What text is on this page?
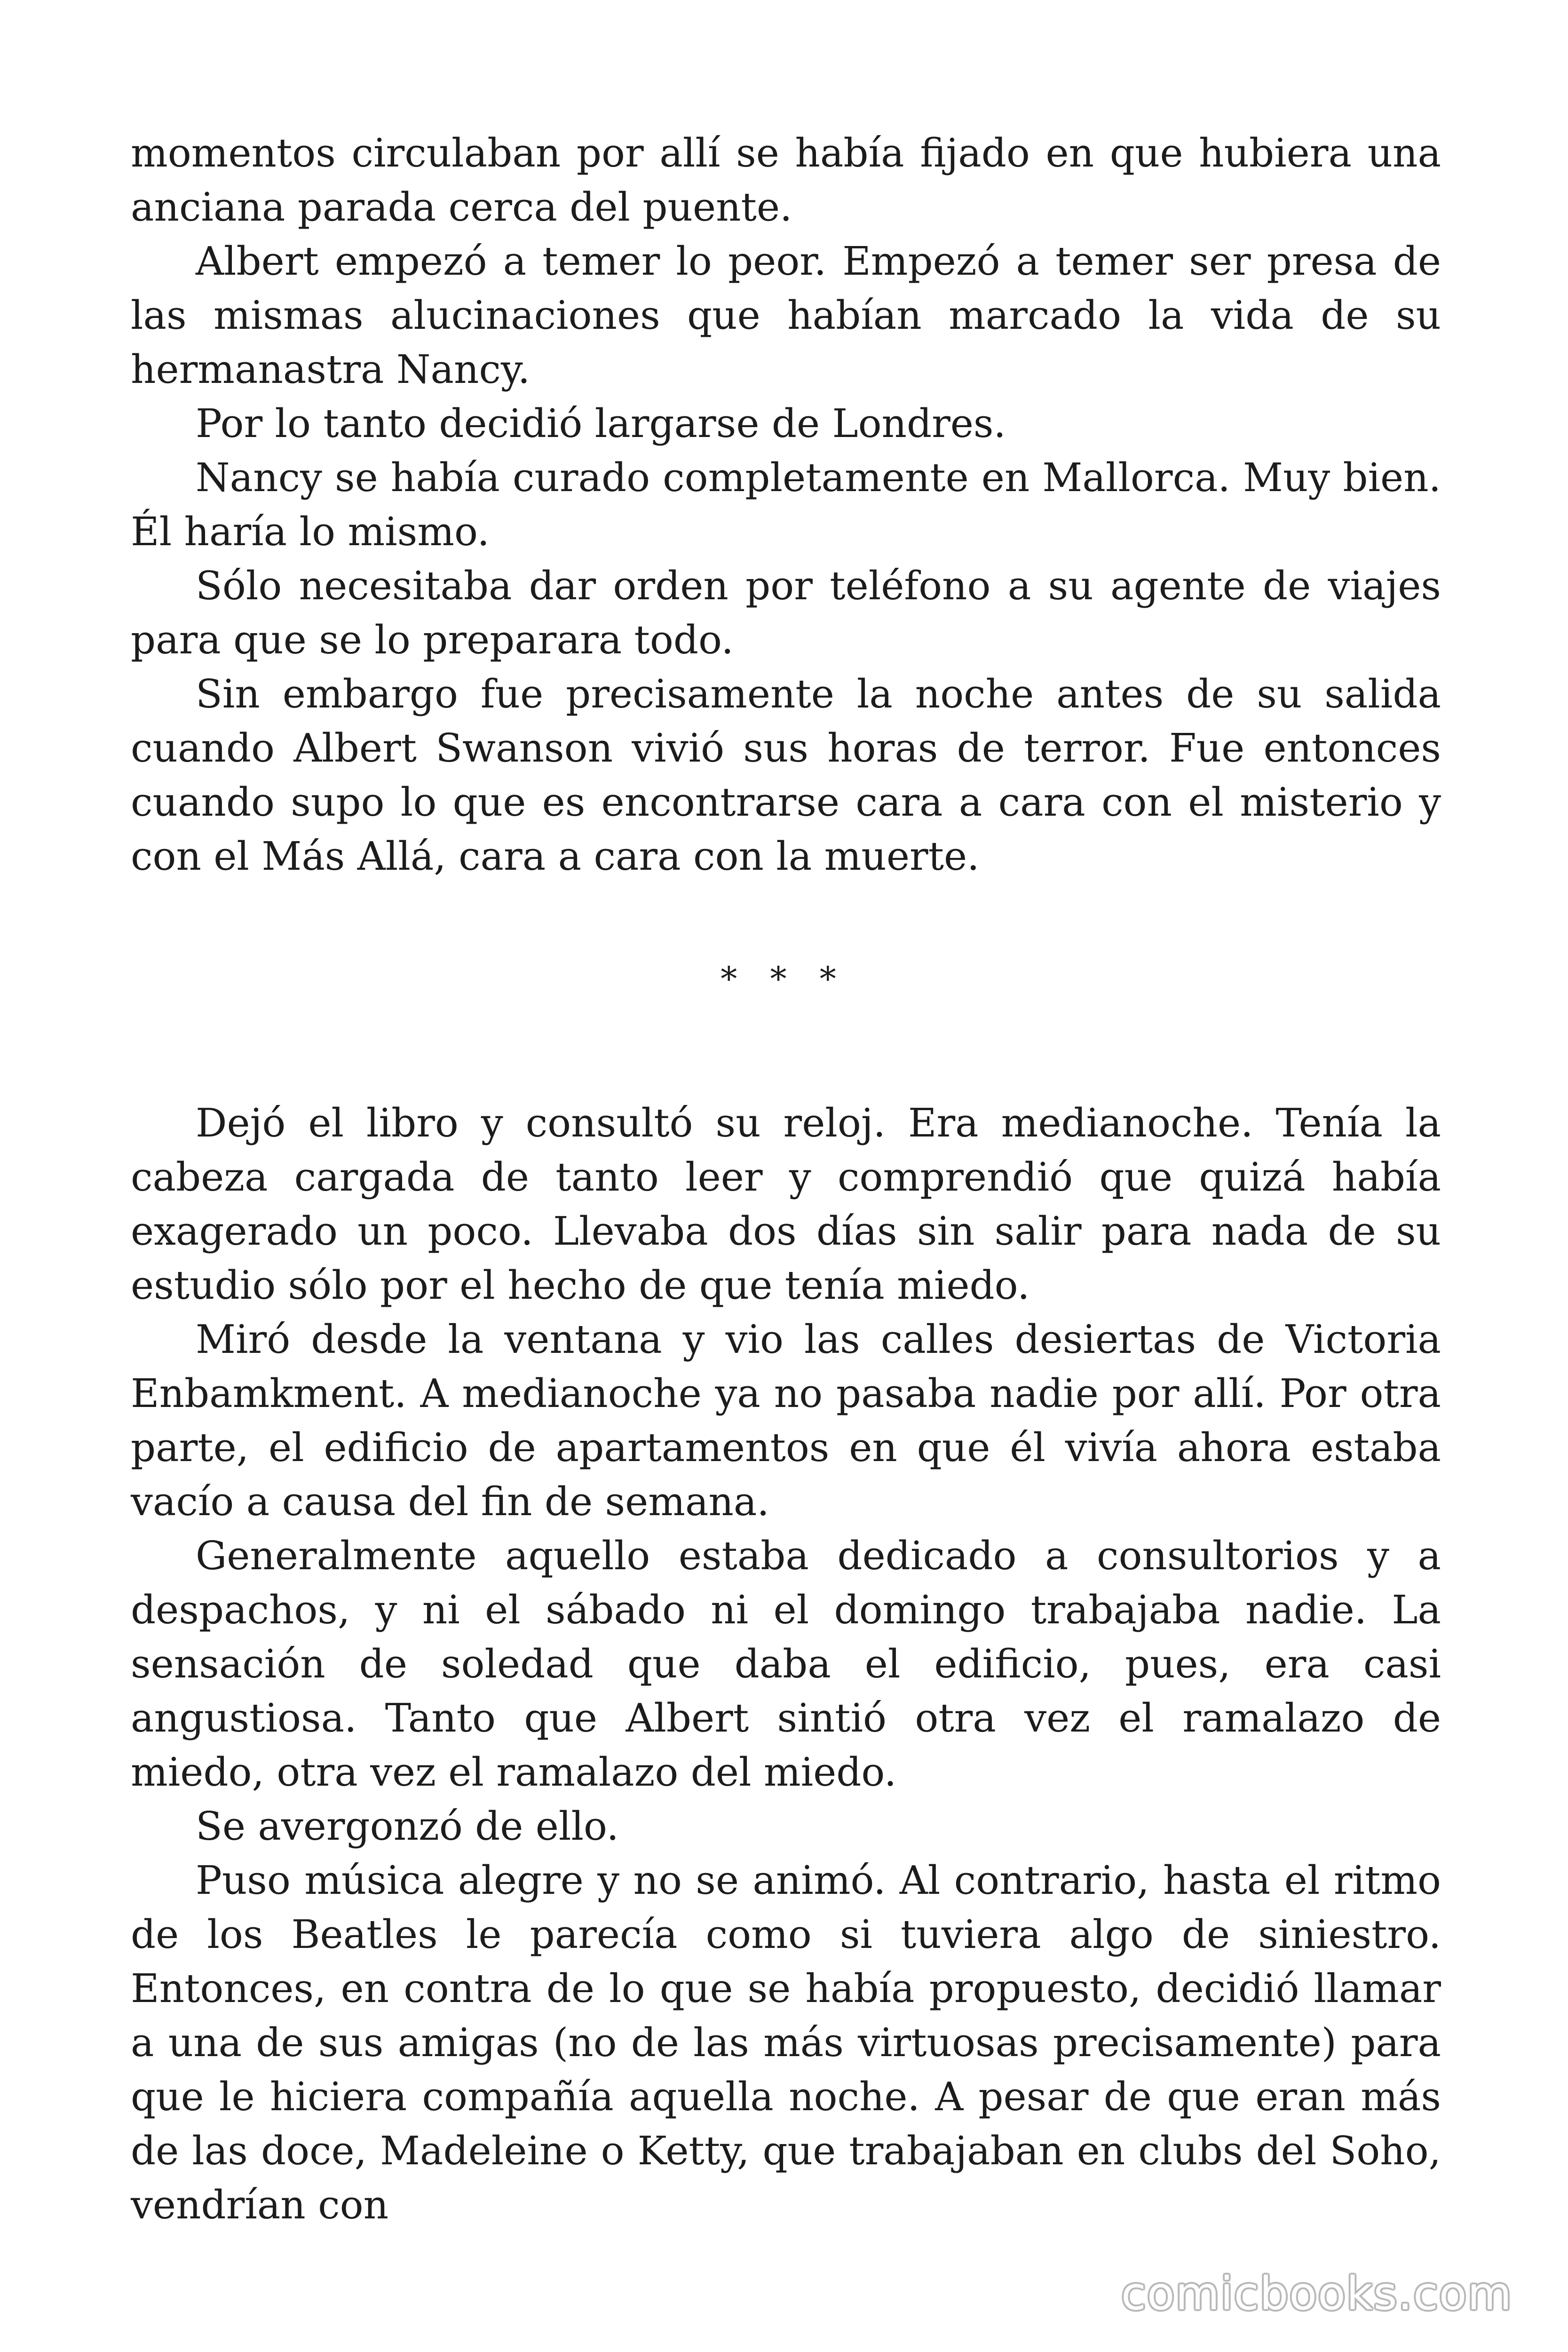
momentos circulaban por allí se había fijado en que hubiera una anciana parada cerca del puente.

Albert empezó a temer lo peor. Empezó a temer ser presa de las mismas alucinaciones que habían marcado la vida de su hermanastra Nancy.

Por lo tanto decidió largarse de Londres.

Nancy se había curado completamente en Mallorca. Muy bien. Él haría lo mismo.

Sólo necesitaba dar orden por teléfono a su agente de viajes para que se lo preparara todo.

Sin embargo fue precisamente la noche antes de su salida cuando Albert Swanson vivió sus horas de terror. Fue entonces cuando supo lo que es encontrarse cara a cara con el misterio y con el Más Allá, cara a cara con la muerte.

* * *

Dejó el libro y consultó su reloj. Era medianoche. Tenía la cabeza cargada de tanto leer y comprendió que quizá había exagerado un poco. Llevaba dos días sin salir para nada de su estudio sólo por el hecho de que tenía miedo.

Miró desde la ventana y vio las calles desiertas de Victoria Enbamkment. A medianoche ya no pasaba nadie por allí. Por otra parte, el edificio de apartamentos en que él vivía ahora estaba vacío a causa del fin de semana.

Generalmente aquello estaba dedicado a consultorios y a despachos, y ni el sábado ni el domingo trabajaba nadie. La sensación de soledad que daba el edificio, pues, era casi angustiosa. Tanto que Albert sintió otra vez el ramalazo de miedo, otra vez el ramalazo del miedo.

Se avergonzó de ello.

Puso música alegre y no se animó. Al contrario, hasta el ritmo de los Beatles le parecía como si tuviera algo de siniestro. Entonces, en contra de lo que se había propuesto, decidió llamar a una de sus amigas (no de las más virtuosas precisamente) para que le hiciera compañía aquella noche. A pesar de que eran más de las doce, Madeleine o Ketty, que trabajaban en clubs del Soho, vendrían con

comicbooks.com
